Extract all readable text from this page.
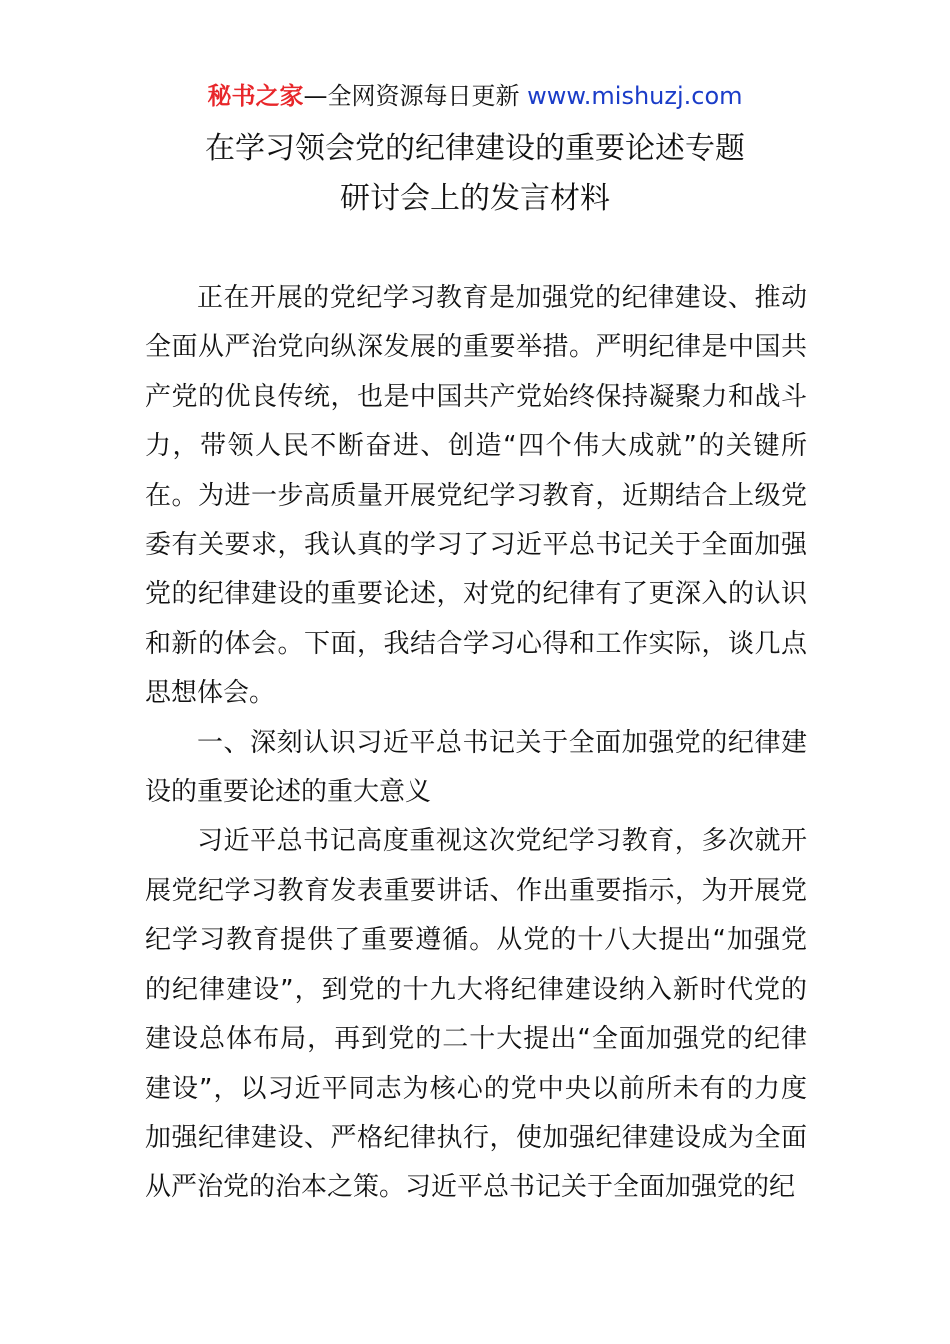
秘书之家—全网资源每日更新 www.mishuzj.com
在学习领会党的纪律建设的重要论述专题
研讨会上的发言材料

正在开展的党纪学习教育是加强党的纪律建设、推动全面从严治党向纵深发展的重要举措。严明纪律是中国共产党的优良传统，也是中国共产党始终保持凝聚力和战斗力，带领人民不断奋进、创造“四个伟大成就”的关键所在。为进一步高质量开展党纪学习教育，近期结合上级党委有关要求，我认真的学习了习近平总书记关于全面加强党的纪律建设的重要论述，对党的纪律有了更深入的认识和新的体会。下面，我结合学习心得和工作实际，谈几点思想体会。

一、深刻认识习近平总书记关于全面加强党的纪律建设的重要论述的重大意义

习近平总书记高度重视这次党纪学习教育，多次就开展党纪学习教育发表重要讲话、作出重要指示，为开展党纪学习教育提供了重要遵循。从党的十八大提出“加强党的纪律建设”，到党的十九大将纪律建设纳入新时代党的建设总体布局，再到党的二十大提出“全面加强党的纪律建设”，以习近平同志为核心的党中央以前所未有的力度加强纪律建设、严格纪律执行，使加强纪律建设成为全面从严治党的治本之策。习近平总书记关于全面加强党的纪
